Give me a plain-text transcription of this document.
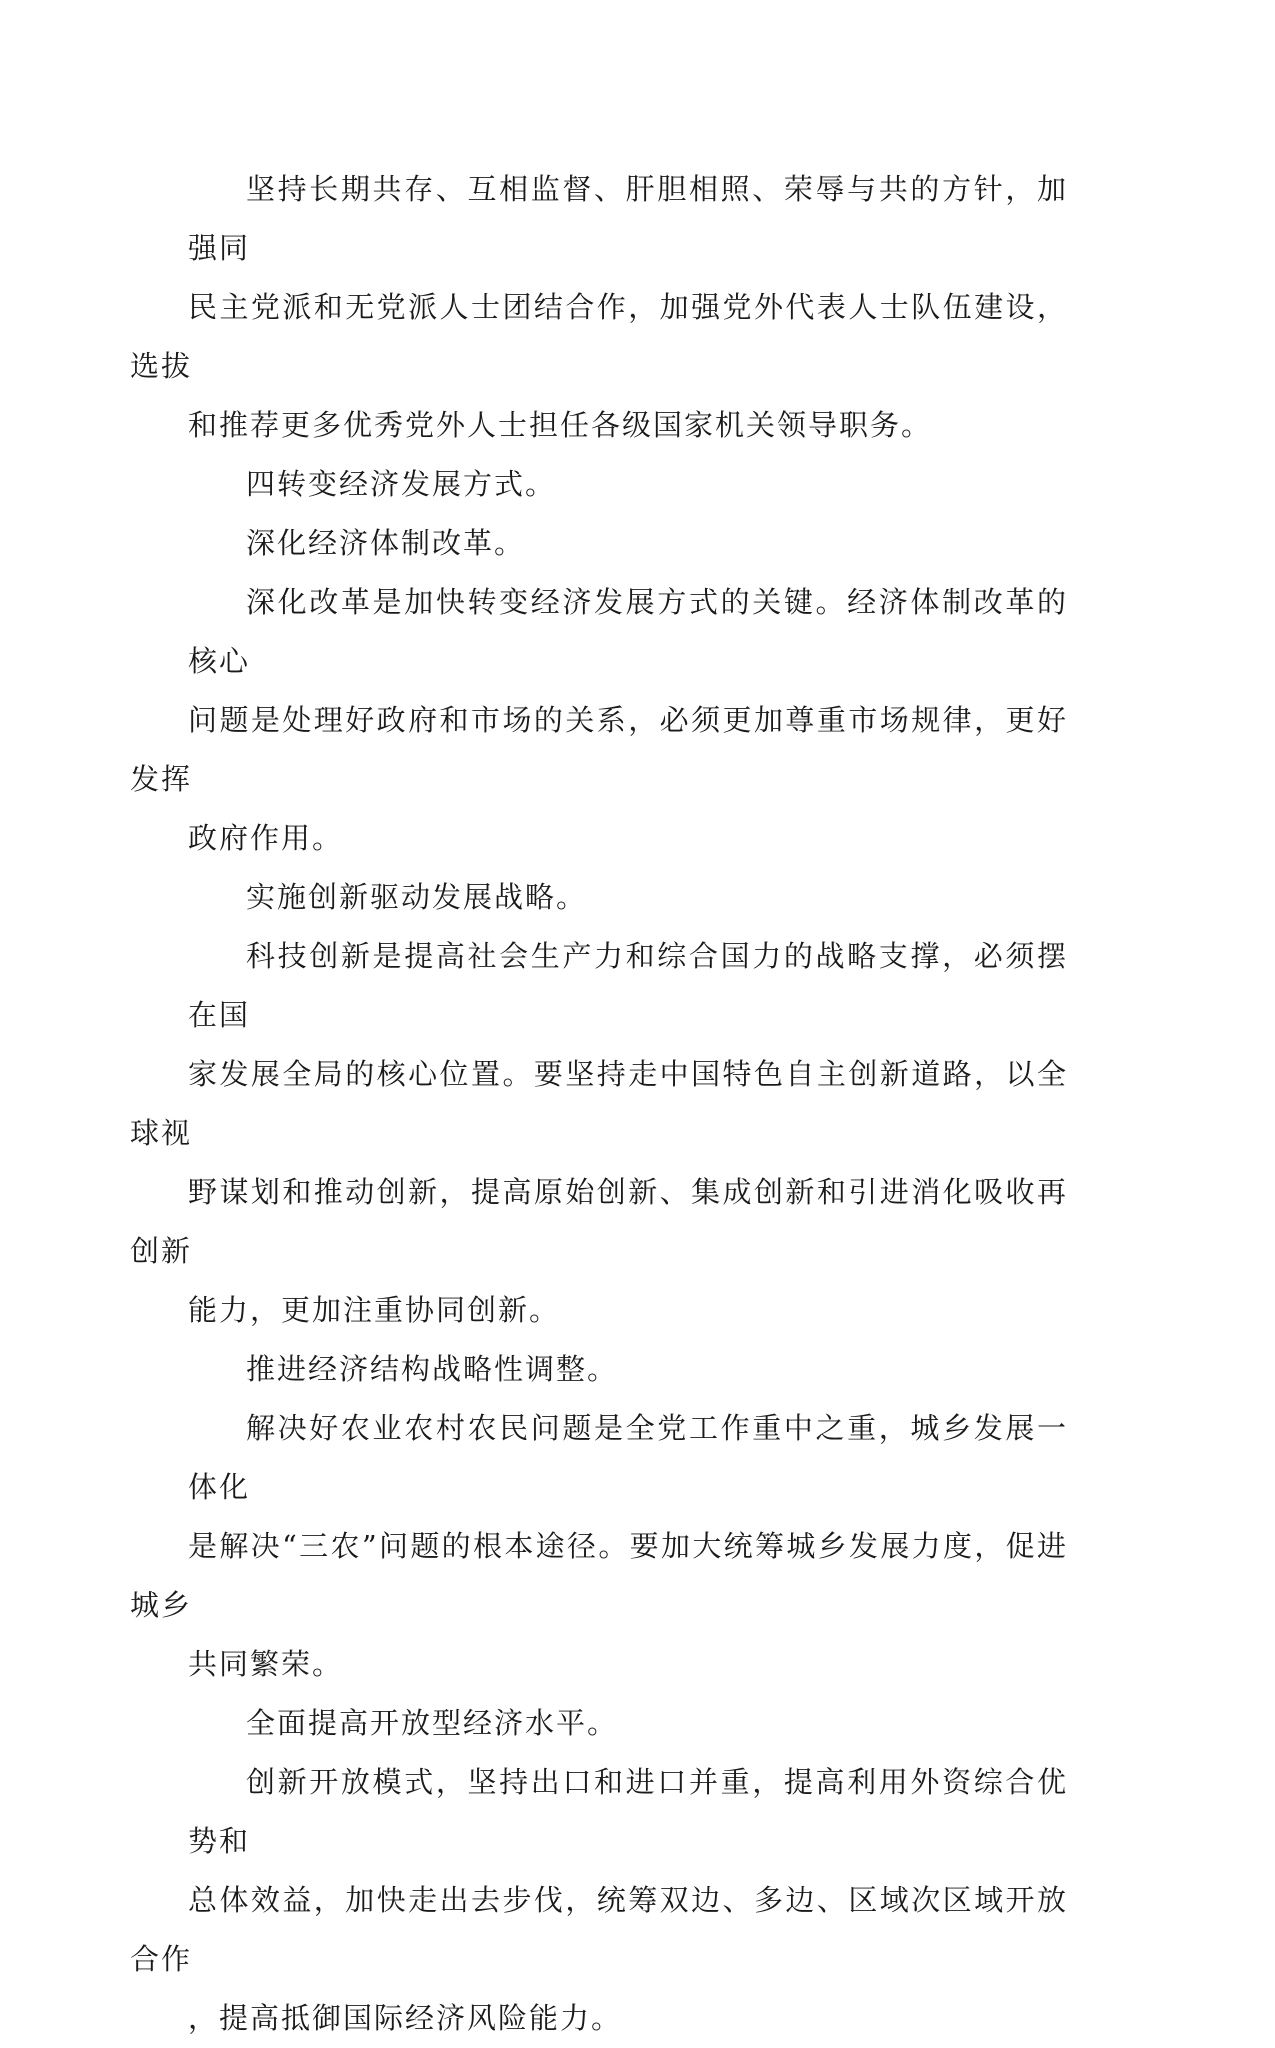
坚持长期共存、互相监督、肝胆相照、荣辱与共的方针，加强同
民主党派和无党派人士团结合作，加强党外代表人士队伍建设，选拔
和推荐更多优秀党外人士担任各级国家机关领导职务。

四转变经济发展方式。

深化经济体制改革。

深化改革是加快转变经济发展方式的关键。经济体制改革的核心
问题是处理好政府和市场的关系，必须更加尊重市场规律，更好发挥
政府作用。

实施创新驱动发展战略。

科技创新是提高社会生产力和综合国力的战略支撑，必须摆在国
家发展全局的核心位置。要坚持走中国特色自主创新道路，以全球视
野谋划和推动创新，提高原始创新、集成创新和引进消化吸收再创新
能力，更加注重协同创新。

推进经济结构战略性调整。

解决好农业农村农民问题是全党工作重中之重，城乡发展一体化
是解决“三农”问题的根本途径。要加大统筹城乡发展力度，促进城乡
共同繁荣。

全面提高开放型经济水平。

创新开放模式，坚持出口和进口并重，提高利用外资综合优势和
总体效益，加快走出去步伐，统筹双边、多边、区域次区域开放合作
，提高抵御国际经济风险能力。
